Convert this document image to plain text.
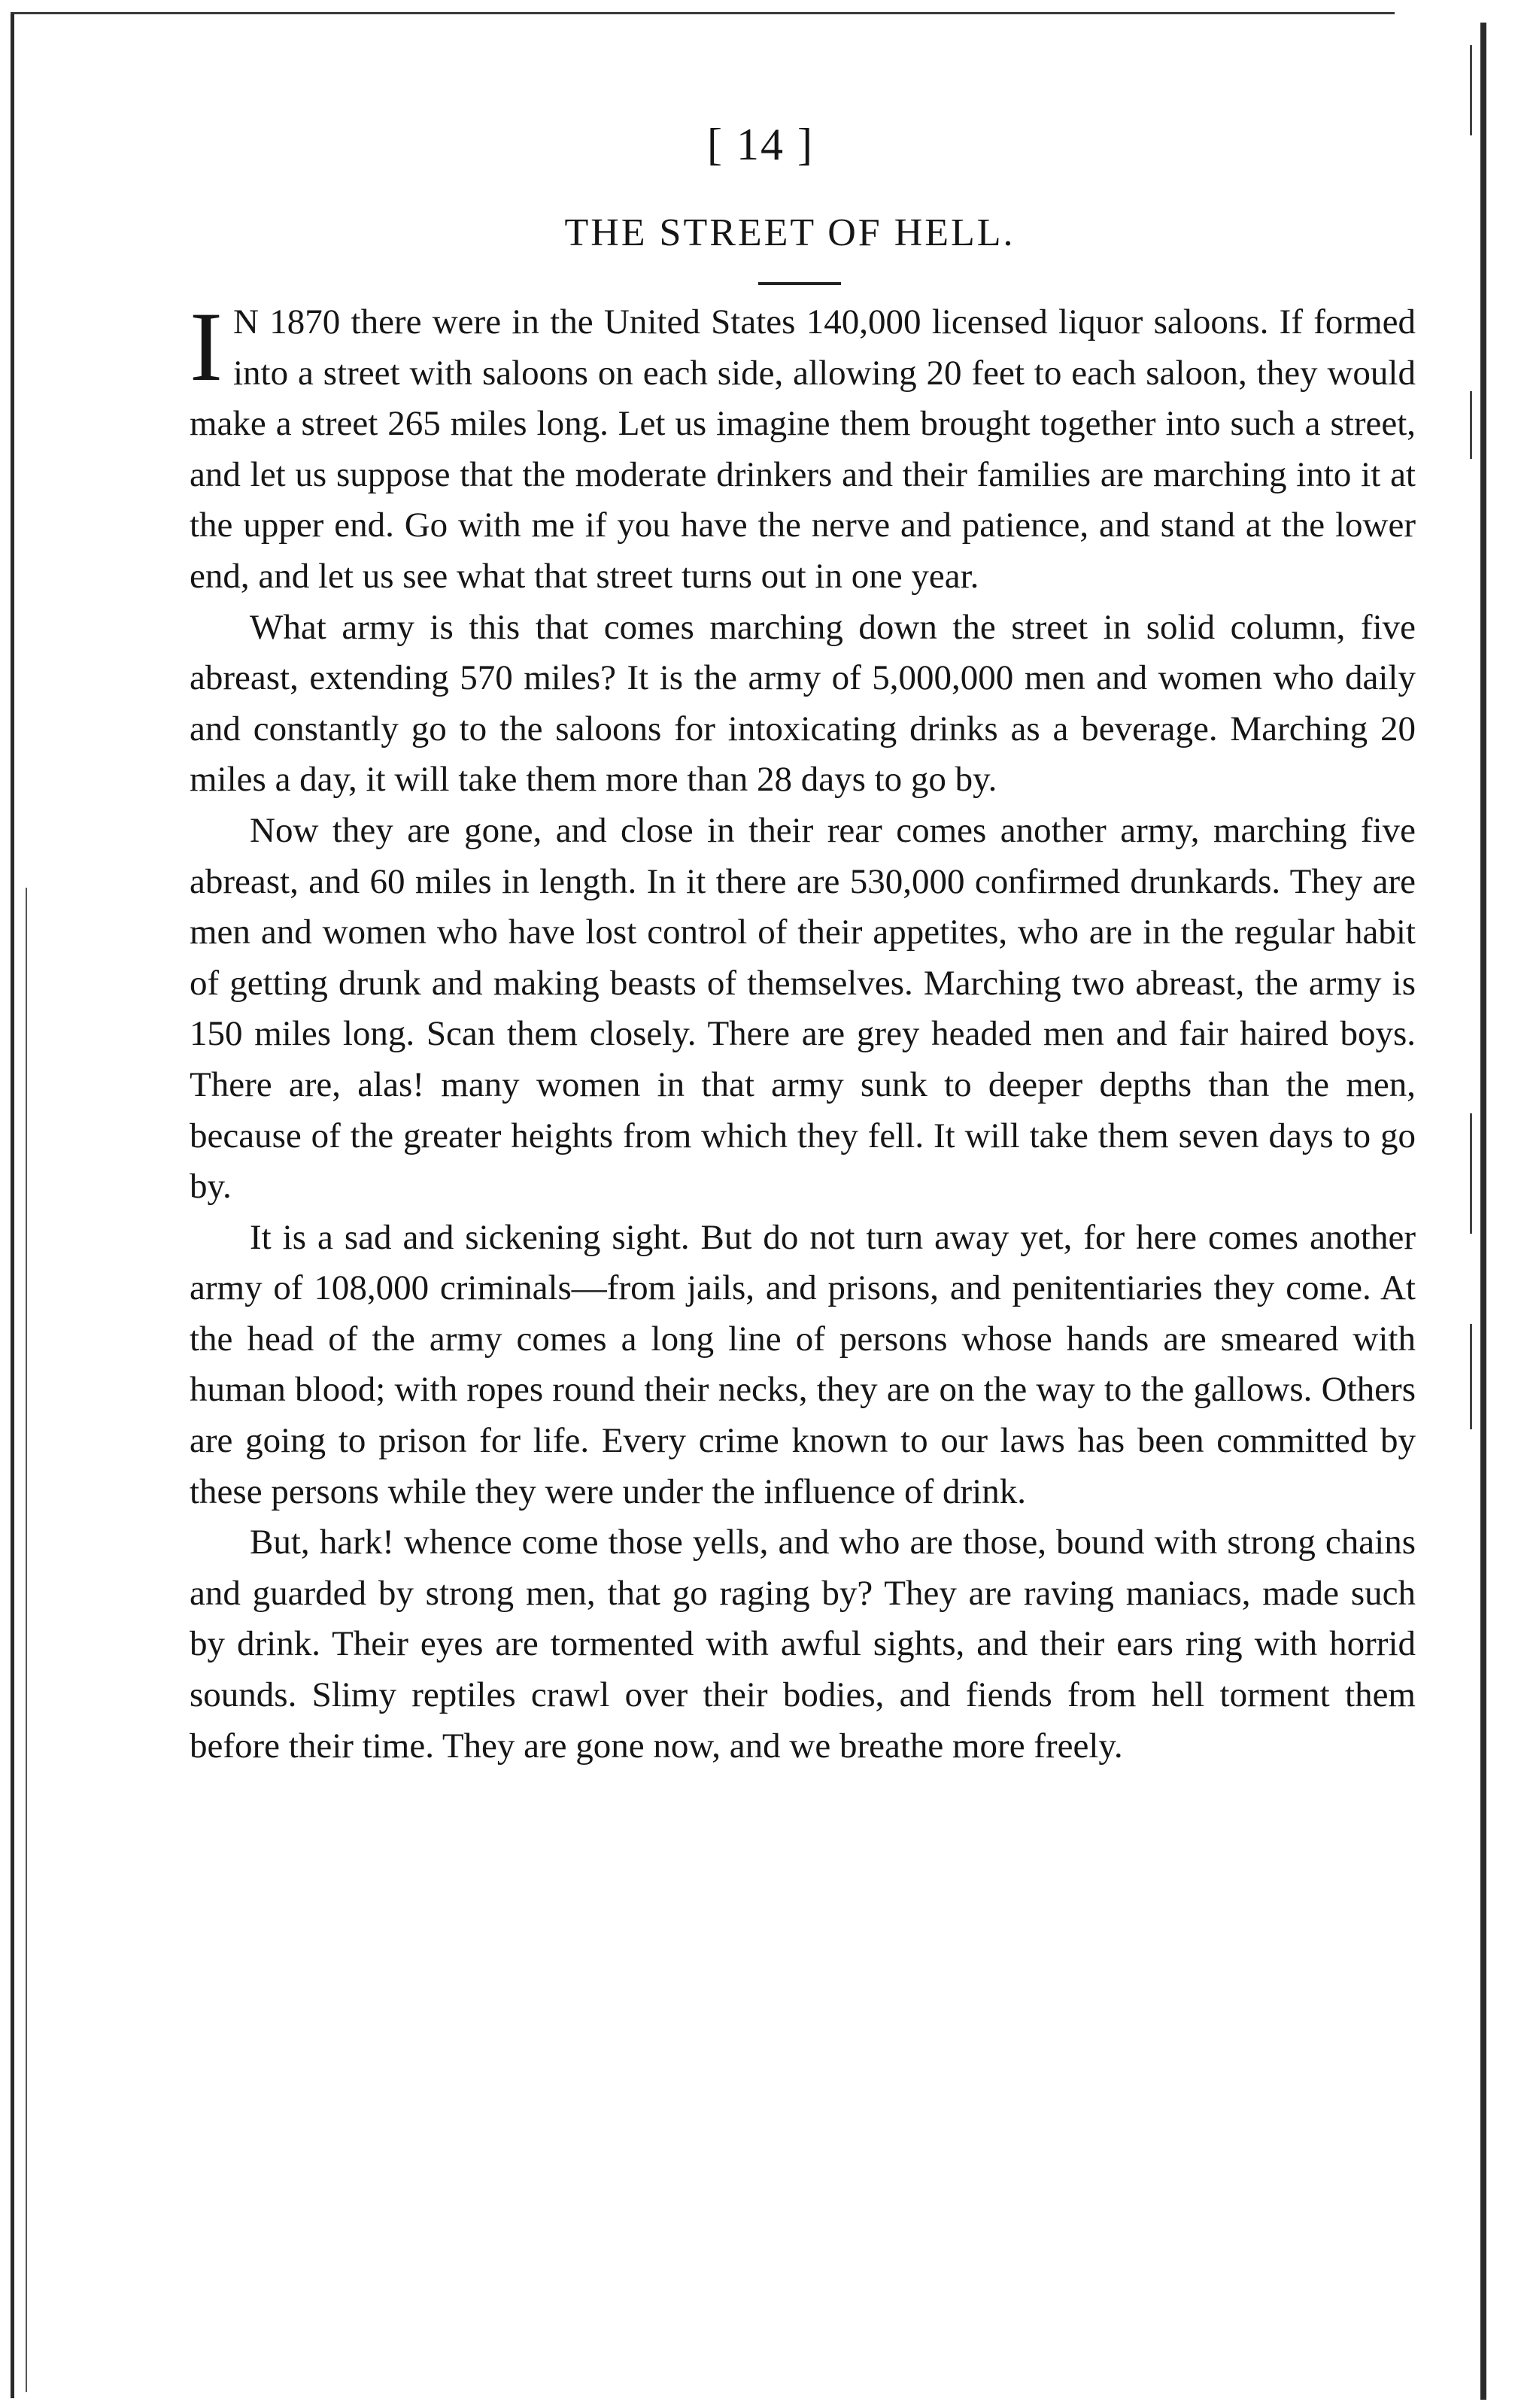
[ 14 ]
THE STREET OF HELL.

I N 1870 there were in the United States 140,000 licensed liquor saloons. If formed into a street with saloons on each side, allowing 20 feet to each saloon, they would make a street 265 miles long. Let us imagine them brought together into such a street, and let us suppose that the moderate drinkers and their families are marching into it at the upper end. Go with me if you have the nerve and patience, and stand at the lower end, and let us see what that street turns out in one year.

What army is this that comes marching down the street in solid column, five abreast, extending 570 miles? It is the army of 5,000,000 men and women who daily and constantly go to the saloons for intoxicating drinks as a beverage. Marching 20 miles a day, it will take them more than 28 days to go by.

Now they are gone, and close in their rear comes another army, marching five abreast, and 60 miles in length. In it there are 530,000 confirmed drunkards. They are men and women who have lost control of their appetites, who are in the regular habit of getting drunk and making beasts of themselves. Marching two abreast, the army is 150 miles long. Scan them closely. There are grey headed men and fair haired boys. There are, alas! many women in that army sunk to deeper depths than the men, because of the greater heights from which they fell. It will take them seven days to go by.

It is a sad and sickening sight. But do not turn away yet, for here comes another army of 108,000 criminals—from jails, and prisons, and penitentiaries they come. At the head of the army comes a long line of persons whose hands are smeared with human blood; with ropes round their necks, they are on the way to the gallows. Others are going to prison for life. Every crime known to our laws has been committed by these persons while they were under the influence of drink.

But, hark! whence come those yells, and who are those, bound with strong chains and guarded by strong men, that go raging by? They are raving maniacs, made such by drink. Their eyes are tormented with awful sights, and their ears ring with horrid sounds. Slimy reptiles crawl over their bodies, and fiends from hell torment them before their time. They are gone now, and we breathe more freely.
